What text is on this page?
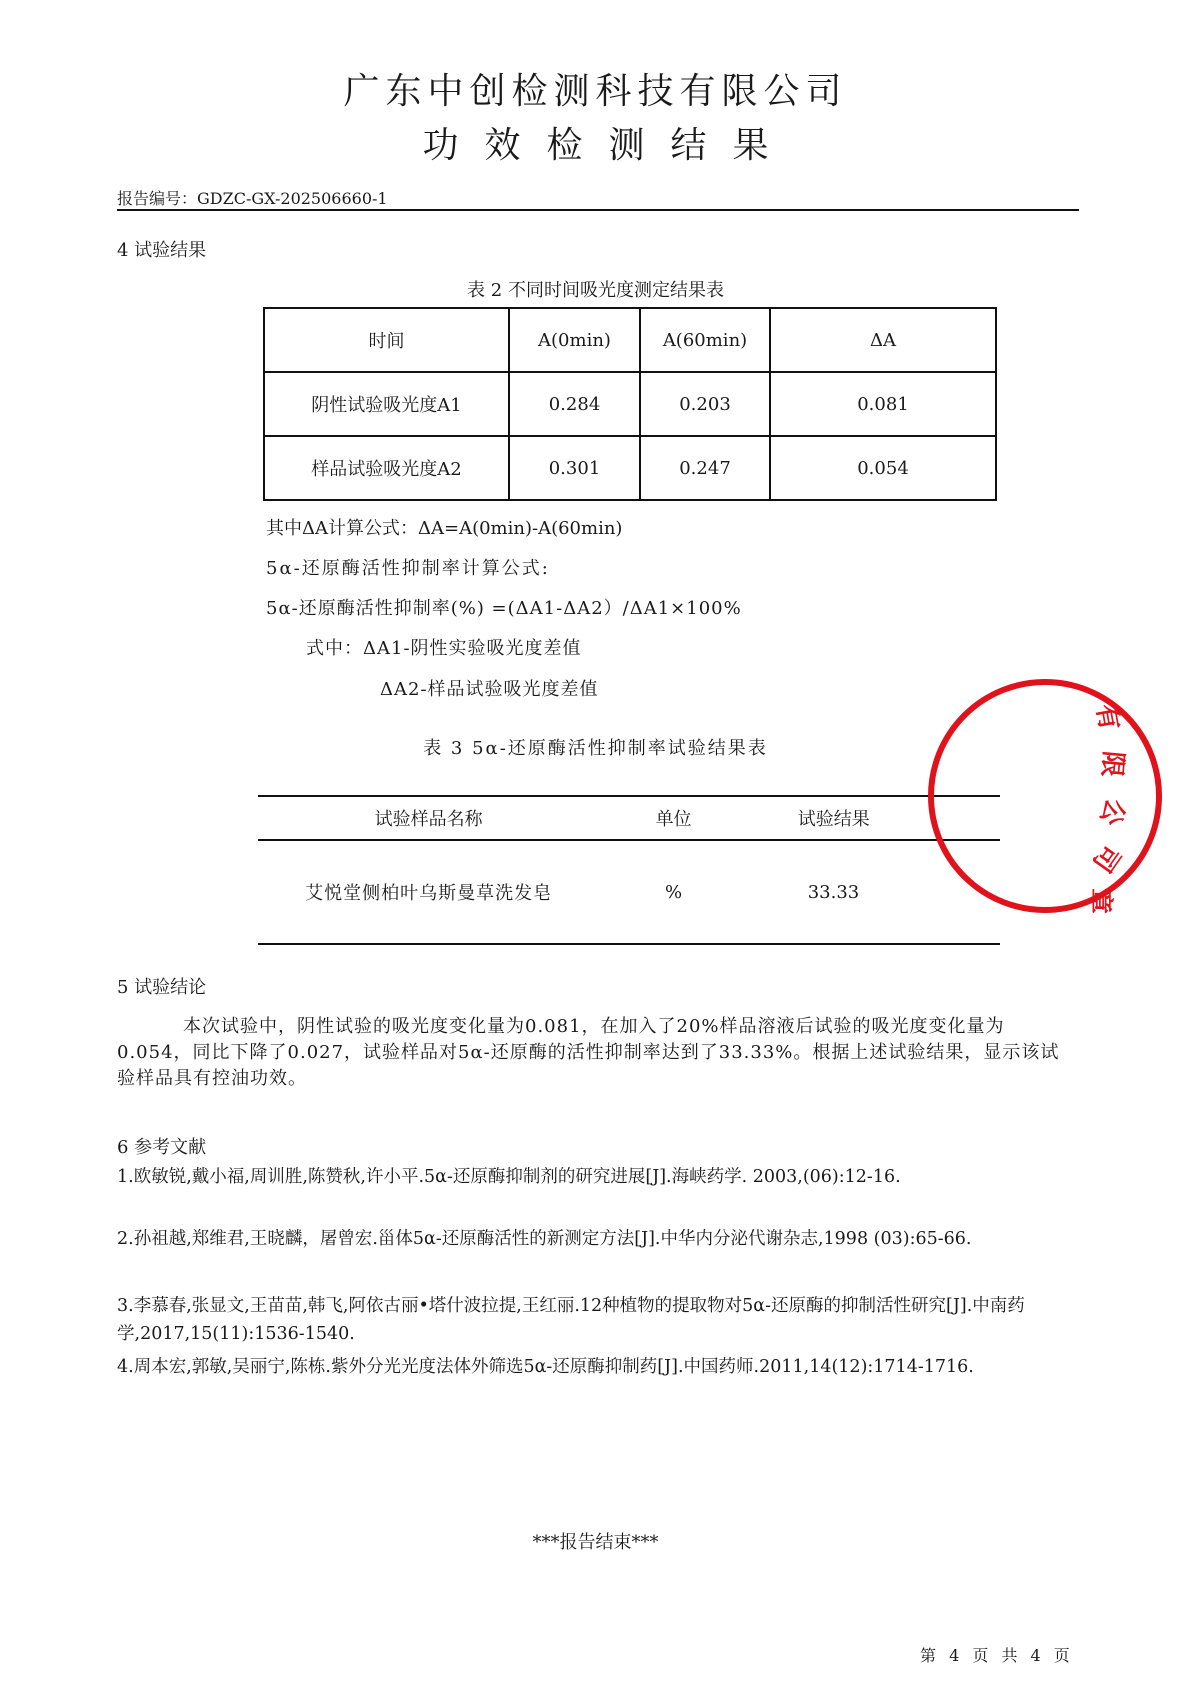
广东中创检测科技有限公司
功效检测结果
报告编号：GDZC-GX-202506660-1
4 试验结果
表 2 不同时间吸光度测定结果表
时间	A(0min)	A(60min)	ΔA
阴性试验吸光度A1	0.284	0.203	0.081
样品试验吸光度A2	0.301	0.247	0.054
其中ΔA计算公式：ΔA=A(0min)-A(60min)
5α-还原酶活性抑制率计算公式:
5α-还原酶活性抑制率(%) =(ΔA1-ΔA2）/ΔA1×100%
式中：ΔA1-阴性实验吸光度差值
ΔA2-样品试验吸光度差值
表 3 5α-还原酶活性抑制率试验结果表
试验样品名称	单位	试验结果
艾悦堂侧柏叶乌斯曼草洗发皂	%	33.33
5 试验结论
本次试验中，阴性试验的吸光度变化量为0.081，在加入了20%样品溶液后试验的吸光度变化量为0.054，同比下降了0.027，试验样品对5α-还原酶的活性抑制率达到了33.33%。根据上述试验结果，显示该试验样品具有控油功效。
6 参考文献
1.欧敏锐,戴小福,周训胜,陈赞秋,许小平.5α-还原酶抑制剂的研究进展[J].海峡药学. 2003,(06):12-16.
2.孙祖越,郑维君,王晓麟，屠曾宏.甾体5α-还原酶活性的新测定方法[J].中华内分泌代谢杂志,1998 (03):65-66.
3.李慕春,张显文,王苗苗,韩飞,阿依古丽•塔什波拉提,王红丽.12种植物的提取物对5α-还原酶的抑制活性研究[J].中南药学,2017,15(11):1536-1540.
4.周本宏,郭敏,吴丽宁,陈栋.紫外分光光度法体外筛选5α-还原酶抑制药[J].中国药师.2011,14(12):1714-1716.
***报告结束***
第 4 页 共 4 页
有
限
公
司
章
